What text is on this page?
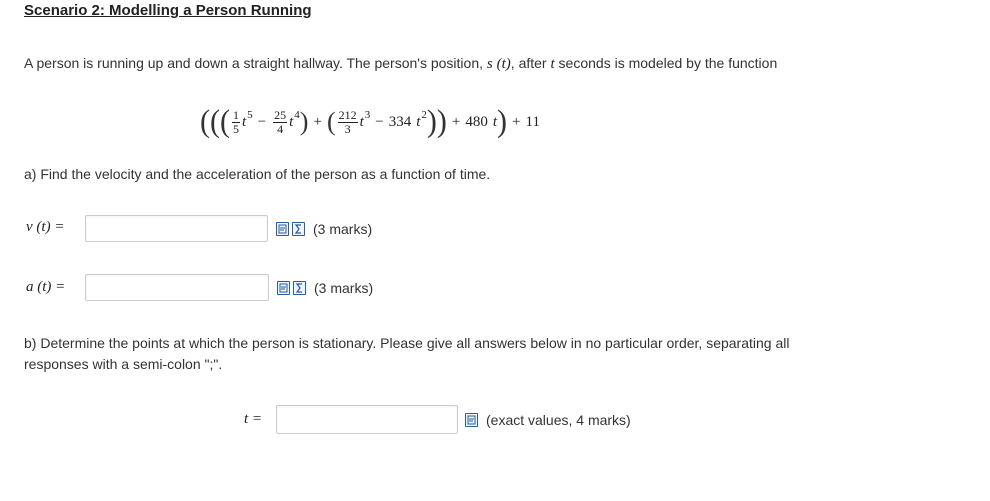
Scenario 2: Modelling a Person Running
A person is running up and down a straight hallway. The person's position, s (t), after t seconds is modeled by the function
((( $\frac{1}{5}$ t $5 - \frac{25}{4}$ t 4 ) + ( $\frac{212}{3}$ t 3 − 334 t 2 )) + 480 t ) + 11
a) Find the velocity and the acceleration of the person as a function of time.
v (t) =	(3 marks)
a (t) =	(3 marks)
b) Determine the points at which the person is stationary. Please give all answers below in no particular order, separating all
responses with a semi-colon ";".
t =	(exact values, 4 marks)
